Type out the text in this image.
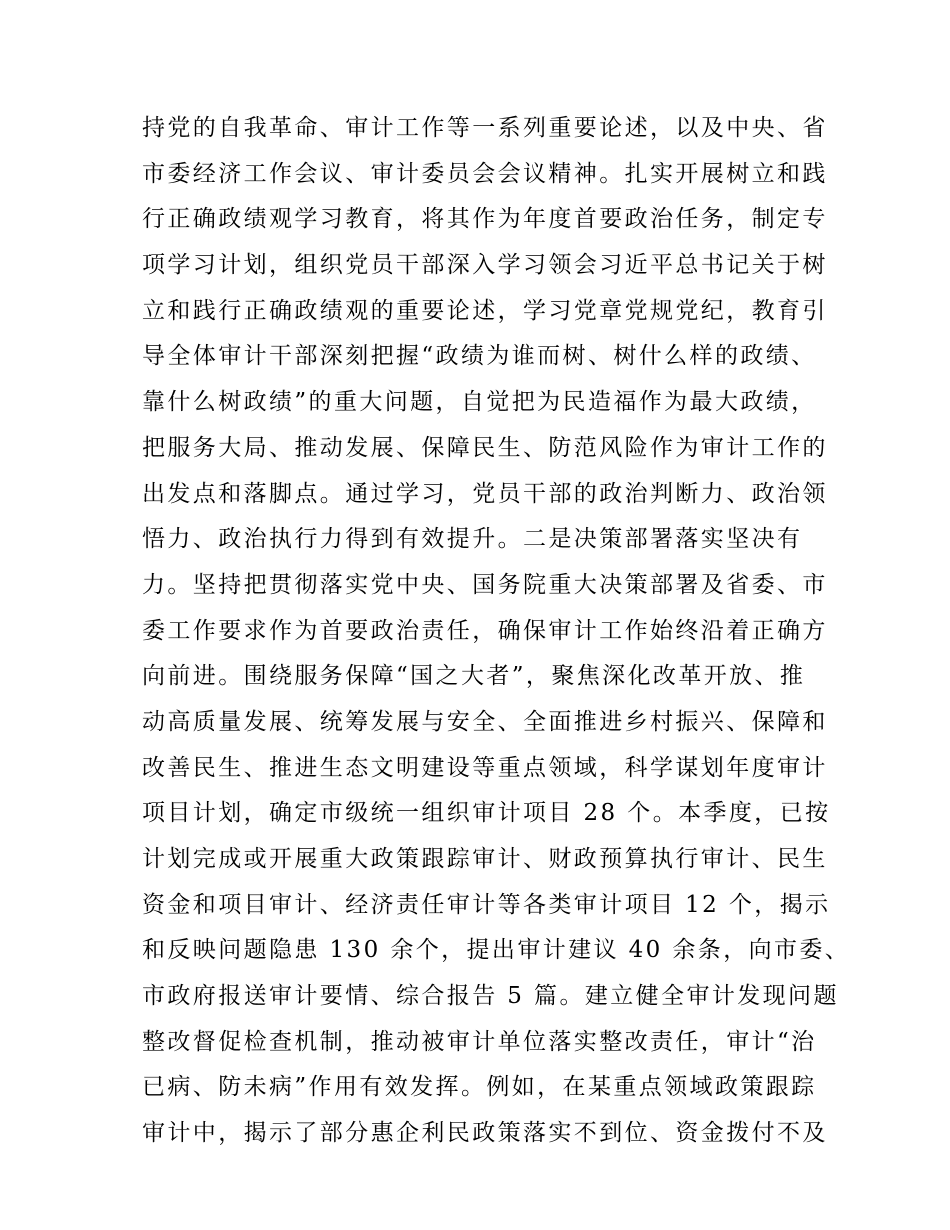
持党的自我革命、审计工作等一系列重要论述，以及中央、省
市委经济工作会议、审计委员会会议精神。扎实开展树立和践
行正确政绩观学习教育，将其作为年度首要政治任务，制定专
项学习计划，组织党员干部深入学习领会习近平总书记关于树
立和践行正确政绩观的重要论述，学习党章党规党纪，教育引
导全体审计干部深刻把握“政绩为谁而树、树什么样的政绩、
靠什么树政绩”的重大问题，自觉把为民造福作为最大政绩，
把服务大局、推动发展、保障民生、防范风险作为审计工作的
出发点和落脚点。通过学习，党员干部的政治判断力、政治领
悟力、政治执行力得到有效提升。二是决策部署落实坚决有
力。坚持把贯彻落实党中央、国务院重大决策部署及省委、市
委工作要求作为首要政治责任，确保审计工作始终沿着正确方
向前进。围绕服务保障“国之大者”，聚焦深化改革开放、推
动高质量发展、统筹发展与安全、全面推进乡村振兴、保障和
改善民生、推进生态文明建设等重点领域，科学谋划年度审计
项目计划，确定市级统一组织审计项目 28 个。本季度，已按
计划完成或开展重大政策跟踪审计、财政预算执行审计、民生
资金和项目审计、经济责任审计等各类审计项目 12 个，揭示
和反映问题隐患 130 余个，提出审计建议 40 余条，向市委、
市政府报送审计要情、综合报告 5 篇。建立健全审计发现问题
整改督促检查机制，推动被审计单位落实整改责任，审计“治
已病、防未病”作用有效发挥。例如，在某重点领域政策跟踪
审计中，揭示了部分惠企利民政策落实不到位、资金拨付不及
